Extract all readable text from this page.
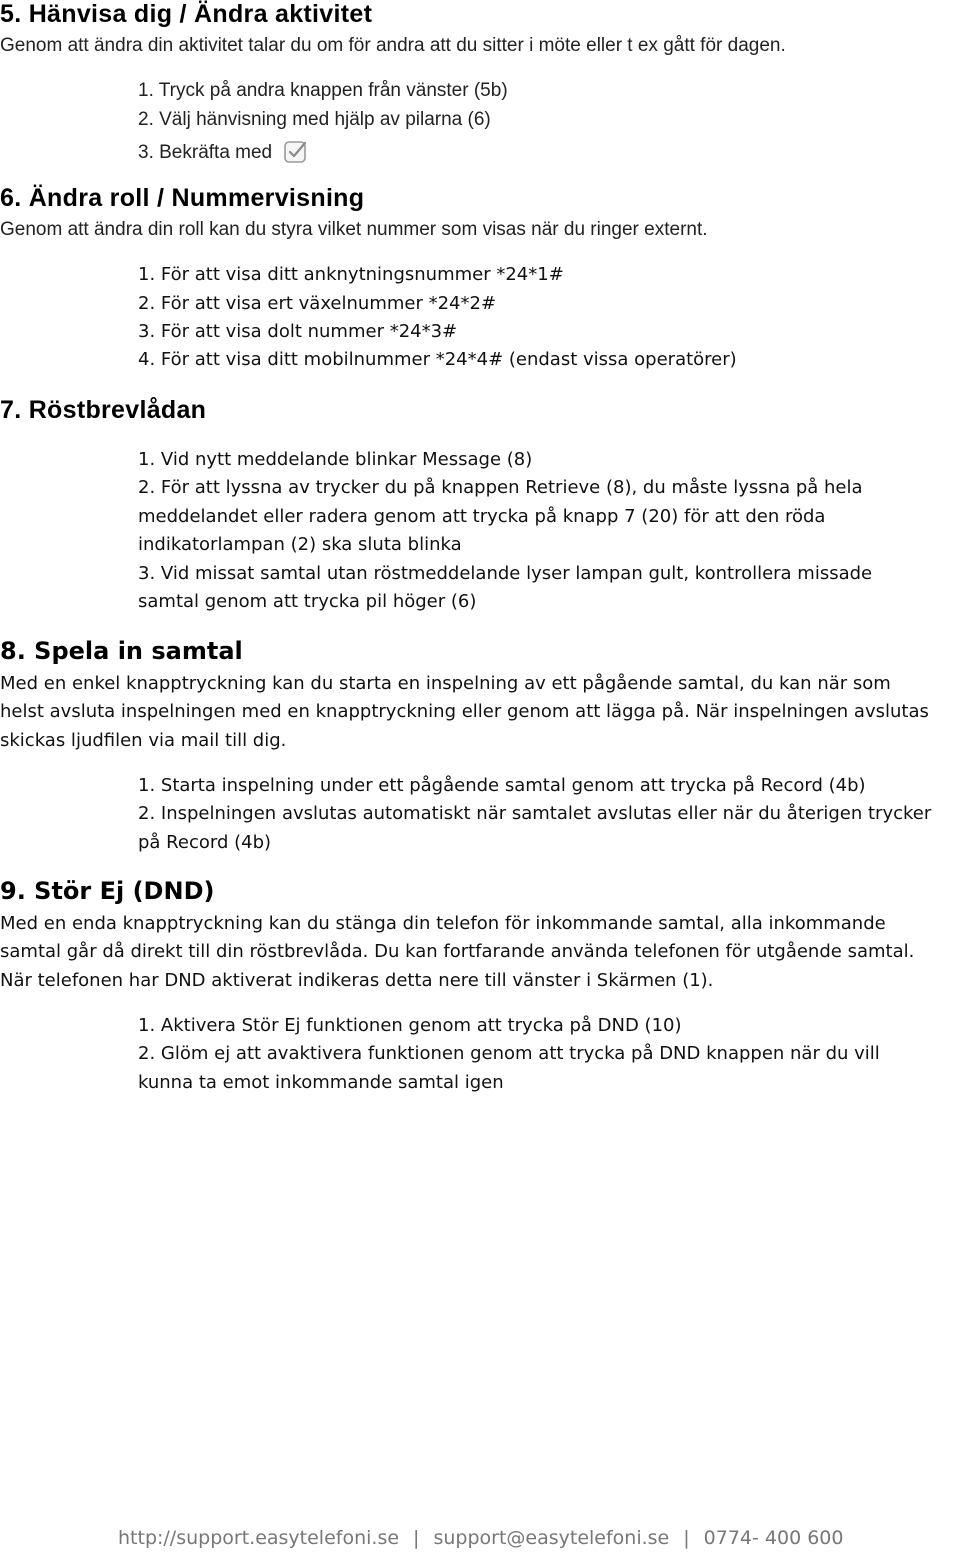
5. Hänvisa dig / Ändra aktivitet
Genom att ändra din aktivitet talar du om för andra att du sitter i möte eller t ex gått för dagen.
1. Tryck på andra knappen från vänster (5b)
2. Välj hänvisning med hjälp av pilarna (6)
3. Bekräfta med
6. Ändra roll / Nummervisning
Genom att ändra din roll kan du styra vilket nummer som visas när du ringer externt.
1. För att visa ditt anknytningsnummer *24*1#
2. För att visa ert växelnummer *24*2#
3. För att visa dolt nummer *24*3#
4. För att visa ditt mobilnummer *24*4# (endast vissa operatörer)
7. Röstbrevlådan
1. Vid nytt meddelande blinkar Message (8)
2. För att lyssna av trycker du på knappen Retrieve (8), du måste lyssna på hela
meddelandet eller radera genom att trycka på knapp 7 (20) för att den röda
indikatorlampan (2) ska sluta blinka
3. Vid missat samtal utan röstmeddelande lyser lampan gult, kontrollera missade
samtal genom att trycka pil höger (6)
8. Spela in samtal
Med en enkel knapptryckning kan du starta en inspelning av ett pågående samtal, du kan när som
helst avsluta inspelningen med en knapptryckning eller genom att lägga på. När inspelningen avslutas
skickas ljudfilen via mail till dig.
1. Starta inspelning under ett pågående samtal genom att trycka på Record (4b)
2. Inspelningen avslutas automatiskt när samtalet avslutas eller när du återigen trycker
på Record (4b)
9. Stör Ej (DND)
Med en enda knapptryckning kan du stänga din telefon för inkommande samtal, alla inkommande
samtal går då direkt till din röstbrevlåda. Du kan fortfarande använda telefonen för utgående samtal.
När telefonen har DND aktiverat indikeras detta nere till vänster i Skärmen (1).
1. Aktivera Stör Ej funktionen genom att trycka på DND (10)
2. Glöm ej att avaktivera funktionen genom att trycka på DND knappen när du vill
kunna ta emot inkommande samtal igen
http://support.easytelefoni.se | support@easytelefoni.se | 0774- 400 600
